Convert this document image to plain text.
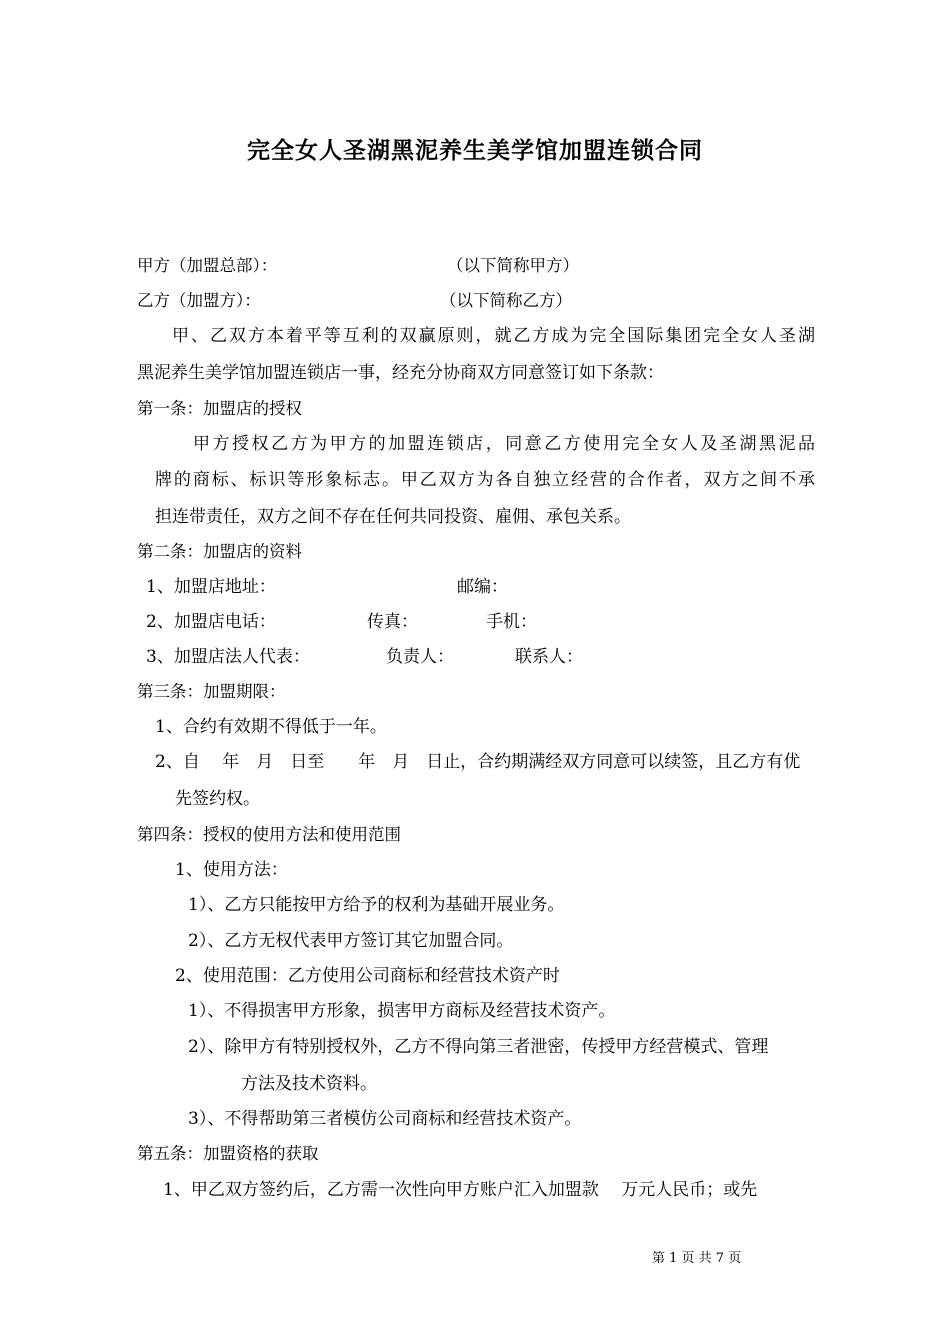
完全女人圣湖黑泥养生美学馆加盟连锁合同
甲方（加盟总部）：	（以下简称甲方）
乙方（加盟方）：	（以下简称乙方）
甲、乙双方本着平等互利的双赢原则，就乙方成为完全国际集团完全女人圣湖
黑泥养生美学馆加盟连锁店一事，经充分协商双方同意签订如下条款：
第一条：加盟店的授权
甲方授权乙方为甲方的加盟连锁店，同意乙方使用完全女人及圣湖黑泥品
牌的商标、标识等形象标志。甲乙双方为各自独立经营的合作者，双方之间不承
担连带责任，双方之间不存在任何共同投资、雇佣、承包关系。
第二条：加盟店的资料
1、加盟店地址：	邮编：
2、加盟店电话：	传真：	手机：
3、加盟店法人代表：	负责人：	联系人：
第三条：加盟期限：
1、合约有效期不得低于一年。
2、自　 年　月　日至　　年　月　日止，合约期满经双方同意可以续签，且乙方有优
先签约权。
第四条：授权的使用方法和使用范围
1、使用方法：
1）、乙方只能按甲方给予的权利为基础开展业务。
2）、乙方无权代表甲方签订其它加盟合同。
2、使用范围：乙方使用公司商标和经营技术资产时
1）、不得损害甲方形象，损害甲方商标及经营技术资产。
2）、除甲方有特别授权外，乙方不得向第三者泄密，传授甲方经营模式、管理
方法及技术资料。
3）、不得帮助第三者模仿公司商标和经营技术资产。
第五条：加盟资格的获取
1、甲乙双方签约后，乙方需一次性向甲方账户汇入加盟款　 万元人民币；或先
第 1 页 共 7 页
